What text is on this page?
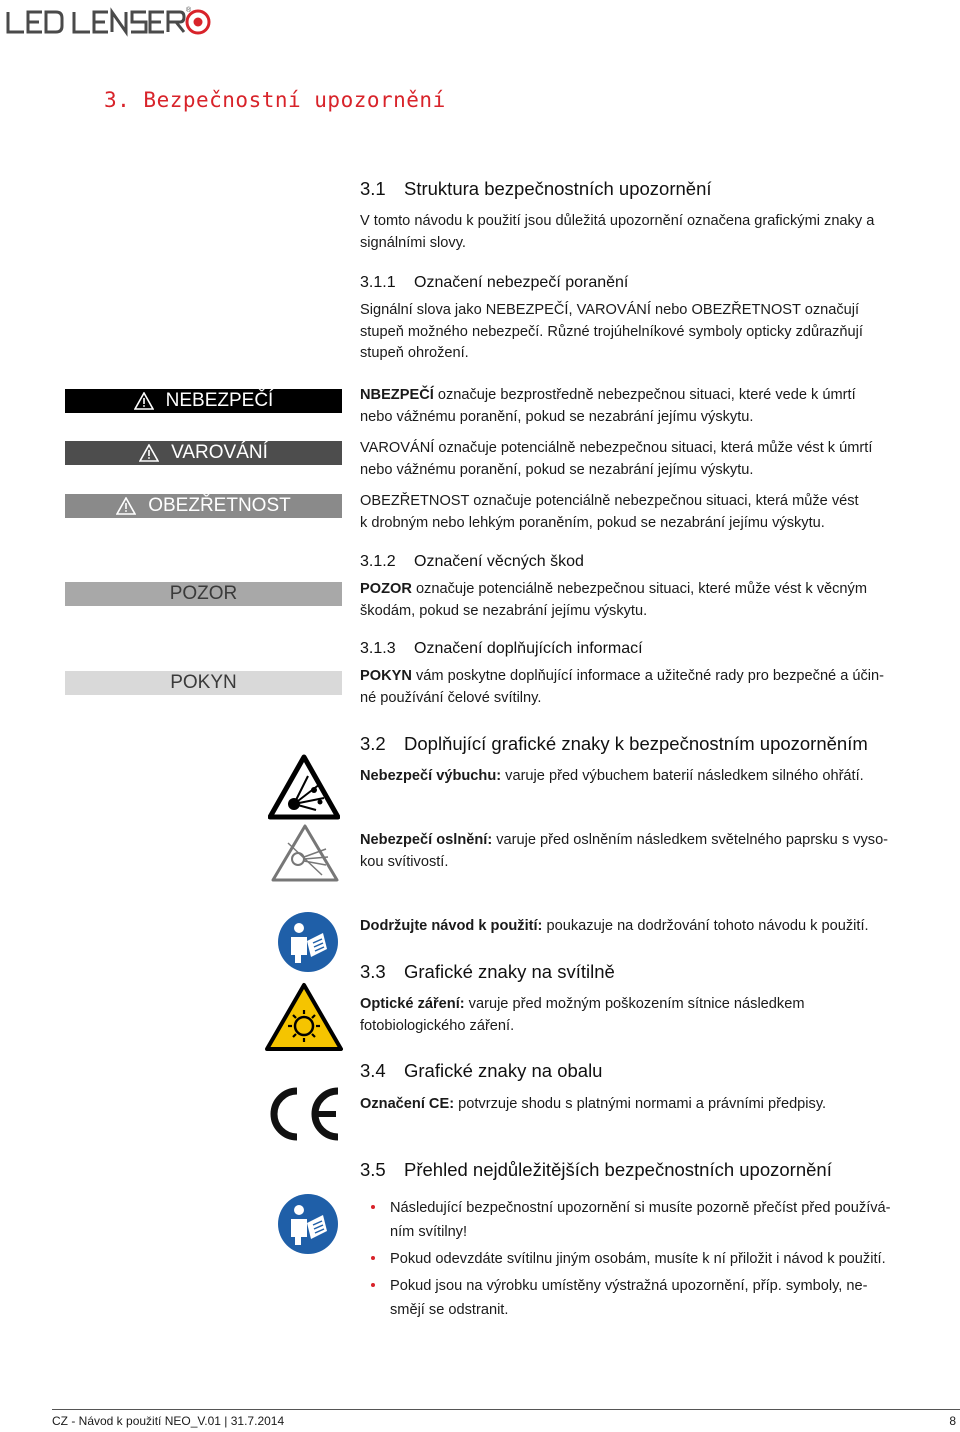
®
3. Bezpečnostní upozornění
3.1 Struktura bezpečnostních upozornění
V tomto návodu k použití jsou důležitá upozornění označena grafickými znaky a
signálními slovy.
3.1.1 Označení nebezpečí poranění
Signální slova jako NEBEZPEČÍ, VAROVÁNÍ nebo OBEZŘETNOST označují
stupeň možného nebezpečí. Různé trojúhelníkové symboly opticky zdůrazňují
stupeň ohrožení.
NEBEZPEČÍ
VAROVÁNÍ
OBEZŘETNOST
POZOR
POKYN
NBEZPEČÍ označuje bezprostředně nebezpečnou situaci, které vede k úmrtí
nebo vážnému poranění, pokud se nezabrání jejímu výskytu.
VAROVÁNÍ označuje potenciálně nebezpečnou situaci, která může vést k úmrtí
nebo vážnému poranění, pokud se nezabrání jejímu výskytu.
OBEZŘETNOST označuje potenciálně nebezpečnou situaci, která může vést
k drobným nebo lehkým poraněním, pokud se nezabrání jejímu výskytu.
3.1.2 Označení věcných škod
POZOR označuje potenciálně nebezpečnou situaci, které může vést k věcným
škodám, pokud se nezabrání jejímu výskytu.
3.1.3 Označení doplňujících informací
POKYN vám poskytne doplňující informace a užitečné rady pro bezpečné a účin-
né používání čelové svítilny.
3.2 Doplňující grafické znaky k bezpečnostním upozorněním
Nebezpečí výbuchu: varuje před výbuchem baterií následkem silného ohřátí.
Nebezpečí oslnění: varuje před oslněním následkem světelného paprsku s vyso-
kou svítivostí.
Dodržujte návod k použití: poukazuje na dodržování tohoto návodu k použití.
3.3 Grafické znaky na svítilně
Optické záření: varuje před možným poškozením sítnice následkem
fotobiologického záření.
3.4 Grafické znaky na obalu
Označení CE: potvrzuje shodu s platnými normami a právními předpisy.
3.5 Přehled nejdůležitějších bezpečnostních upozornění
Následující bezpečnostní upozornění si musíte pozorně přečíst před používá-
ním svítilny!
Pokud odevzdáte svítilnu jiným osobám, musíte k ní přiložit i návod k použití.
Pokud jsou na výrobku umístěny výstražná upozornění, příp. symboly, ne-
smějí se odstranit.
CZ - Návod k použití NEO_V.01 | 31.7.2014	8
